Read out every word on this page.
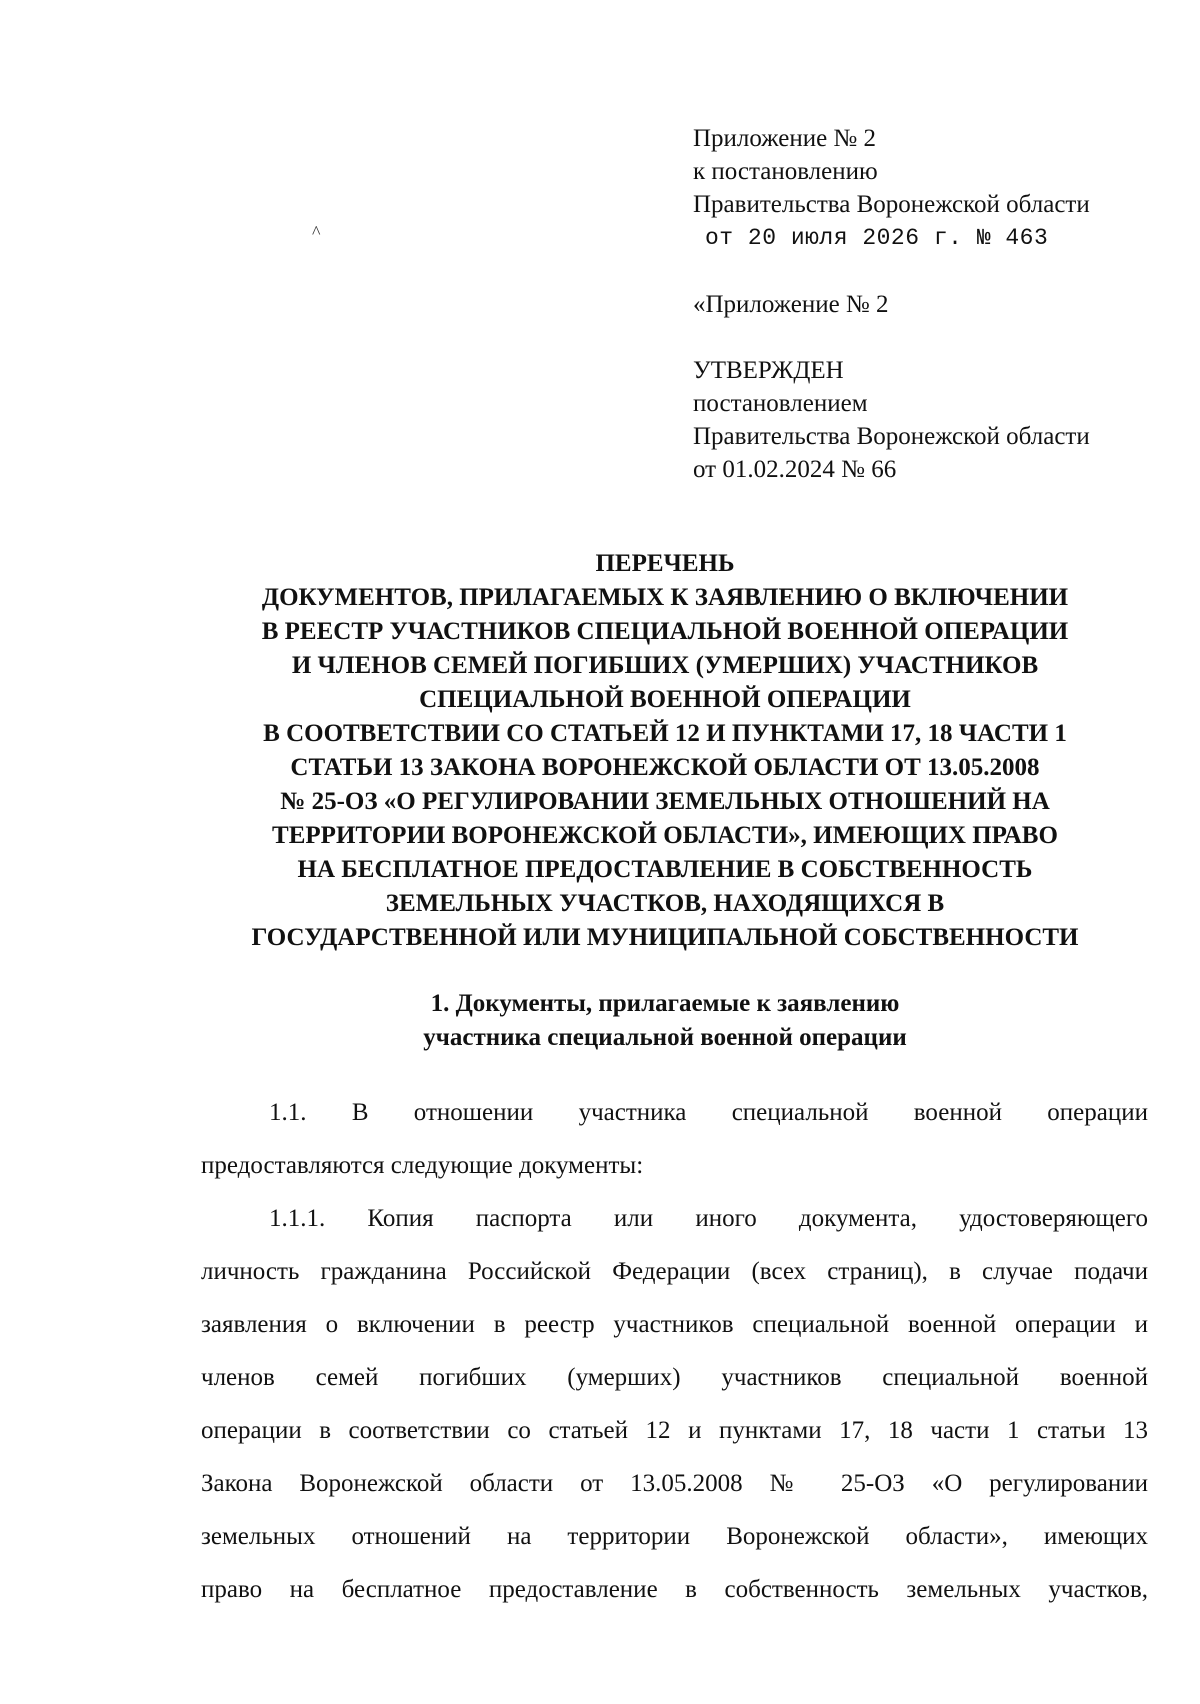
Приложение № 2
к постановлению
Правительства Воронежской области
от 20 июля 2026 г. № 463
^
«Приложение № 2
УТВЕРЖДЕН
постановлением
Правительства Воронежской области
от 01.02.2024 № 66
ПЕРЕЧЕНЬ
ДОКУМЕНТОВ, ПРИЛАГАЕМЫХ К ЗАЯВЛЕНИЮ О ВКЛЮЧЕНИИ
В РЕЕСТР УЧАСТНИКОВ СПЕЦИАЛЬНОЙ ВОЕННОЙ ОПЕРАЦИИ
И ЧЛЕНОВ СЕМЕЙ ПОГИБШИХ (УМЕРШИХ) УЧАСТНИКОВ
СПЕЦИАЛЬНОЙ ВОЕННОЙ ОПЕРАЦИИ
В СООТВЕТСТВИИ СО СТАТЬЕЙ 12 И ПУНКТАМИ 17, 18 ЧАСТИ 1
СТАТЬИ 13 ЗАКОНА ВОРОНЕЖСКОЙ ОБЛАСТИ ОТ 13.05.2008
№ 25-ОЗ «О РЕГУЛИРОВАНИИ ЗЕМЕЛЬНЫХ ОТНОШЕНИЙ НА
ТЕРРИТОРИИ ВОРОНЕЖСКОЙ ОБЛАСТИ», ИМЕЮЩИХ ПРАВО
НА БЕСПЛАТНОЕ ПРЕДОСТАВЛЕНИЕ В СОБСТВЕННОСТЬ
ЗЕМЕЛЬНЫХ УЧАСТКОВ, НАХОДЯЩИХСЯ В
ГОСУДАРСТВЕННОЙ ИЛИ МУНИЦИПАЛЬНОЙ СОБСТВЕННОСТИ
1. Документы, прилагаемые к заявлению
участника специальной военной операции
1.1. В отношении участника специальной военной операции
предоставляются следующие документы:
1.1.1. Копия паспорта или иного документа, удостоверяющего
личность гражданина Российской Федерации (всех страниц), в случае подачи
заявления о включении в реестр участников специальной военной операции и
членов семей погибших (умерших) участников специальной военной
операции в соответствии со статьей 12 и пунктами 17, 18 части 1 статьи 13
Закона Воронежской области от 13.05.2008 № 25-ОЗ «О регулировании
земельных отношений на территории Воронежской области», имеющих
право на бесплатное предоставление в собственность земельных участков,
